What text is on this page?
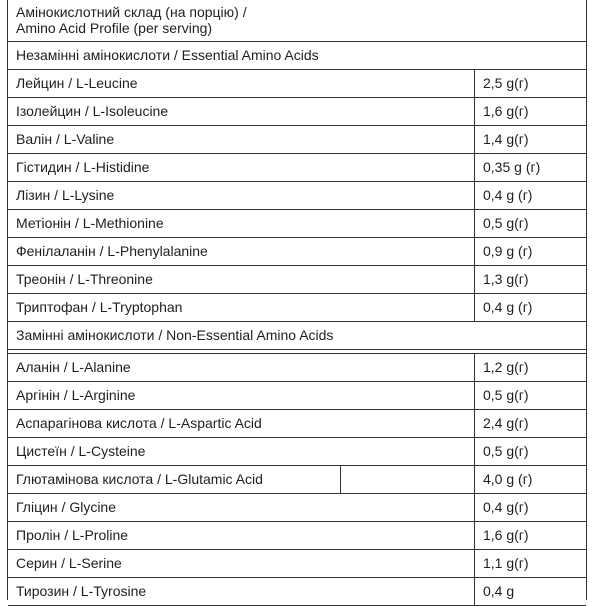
Амінокислотний склад (на порцію) /
Amino Acid Profile (per serving)
Незамінні амінокислоти / Essential Amino Acids
Лейцин / L-Leucine	2,5 g(г)
Ізолейцин / L-Isoleucine	1,6 g(г)
Валін / L-Valine	1,4 g(г)
Гістидин / L-Histidine	0,35 g (г)
Лізин / L-Lysine	0,4 g (г)
Метіонін / L-Methionine	0,5 g(г)
Фенілаланін / L-Phenylalanine	0,9 g (г)
Треонін / L-Threonine	1,3 g(г)
Триптофан / L-Tryptophan	0,4 g (г)
Замінні амінокислоти / Non-Essential Amino Acids
Аланін / L-Alanine	1,2 g(г)
Аргінін / L-Arginine	0,5 g(г)
Аспарагінова кислота / L-Aspartic Acid	2,4 g(г)
Цистеїн / L-Cysteine	0,5 g(г)
Глютамінова кислота / L-Glutamic Acid	4,0 g (г)
Гліцин / Glycine	0,4 g(г)
Пролін / L-Proline	1,6 g(г)
Серин / L-Serine	1,1 g(г)
Тирозин / L-Tyrosine	0,4 g
